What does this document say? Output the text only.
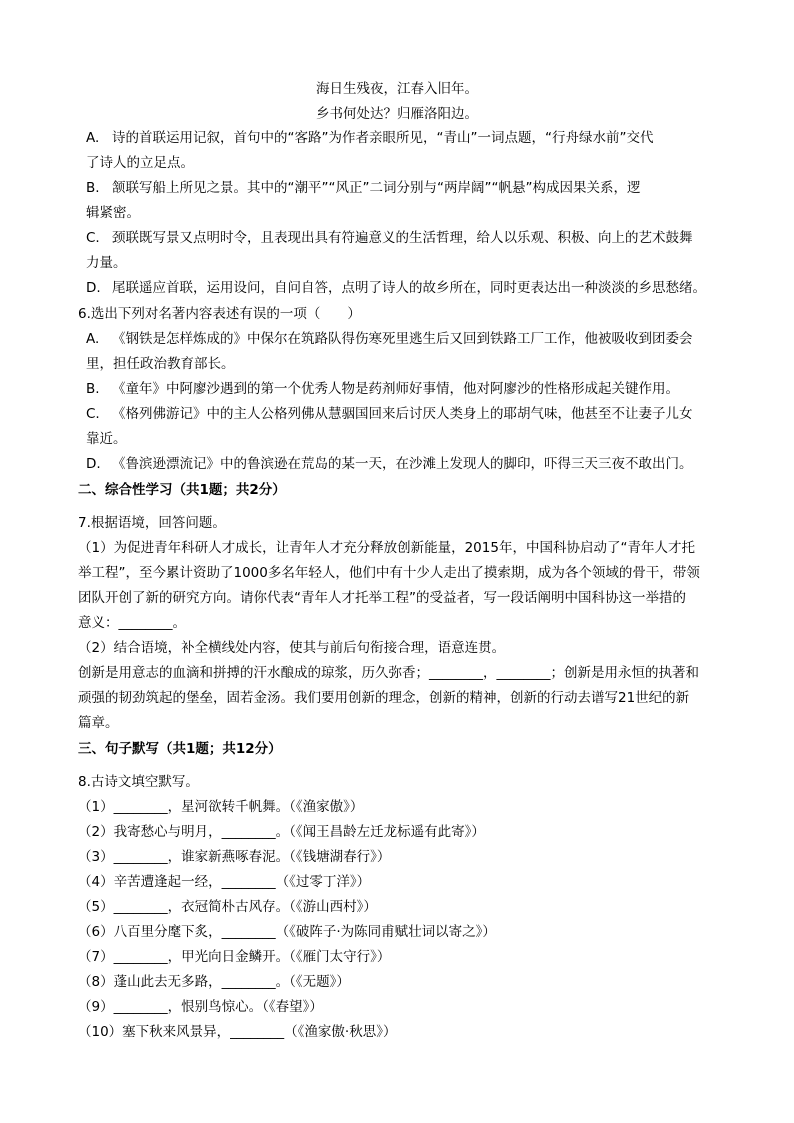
海日生残夜，江春入旧年。
乡书何处达？归雁洛阳边。
A. 诗的首联运用记叙，首句中的“客路”为作者亲眼所见，“青山”一词点题，“行舟绿水前”交代
了诗人的立足点。
B. 颔联写船上所见之景。其中的“潮平”“风正”二词分别与“两岸阔”“帆悬”构成因果关系，逻
辑紧密。
C. 颈联既写景又点明时令，且表现出具有符遍意义的生活哲理，给人以乐观、积极、向上的艺术鼓舞
力量。
D. 尾联遥应首联，运用设问，自问自答，点明了诗人的故乡所在，同时更表达出一种淡淡的乡思愁绪。
6.选出下列对名著内容表述有误的一项（　　）
A. 《钢铁是怎样炼成的》中保尔在筑路队得伤寒死里逃生后又回到铁路工厂工作，他被吸收到团委会
里，担任政治教育部长。
B. 《童年》中阿廖沙遇到的第一个优秀人物是药剂师好事情，他对阿廖沙的性格形成起关键作用。
C. 《格列佛游记》中的主人公格列佛从慧骃国回来后讨厌人类身上的耶胡气味，他甚至不让妻子儿女
靠近。
D. 《鲁滨逊漂流记》中的鲁滨逊在荒岛的某一天，在沙滩上发现人的脚印，吓得三天三夜不敢出门。
二、综合性学习（共1题；共2分）
7.根据语境，回答问题。
（1）为促进青年科研人才成长，让青年人才充分释放创新能量，2015年，中国科协启动了“青年人才托
举工程”，至今累计资助了1000多名年轻人，他们中有十少人走出了摸索期，成为各个领域的骨干，带领
团队开创了新的研究方向。请你代表“青年人才托举工程”的受益者，写一段话阐明中国科协这一举措的
意义：________。
（2）结合语境，补全横线处内容，使其与前后句衔接合理，语意连贯。
创新是用意志的血滴和拼搏的汗水酿成的琼浆，历久弥香；________，________；创新是用永恒的执著和
顽强的韧劲筑起的堡垒，固若金汤。我们要用创新的理念，创新的精神，创新的行动去谱写21世纪的新
篇章。
三、句子默写（共1题；共12分）
8.古诗文填空默写。
（1）________，星河欲转千帆舞。（《渔家傲》）
（2）我寄愁心与明月，________。（《闻王昌龄左迁龙标遥有此寄》）
（3）________，谁家新燕啄春泥。（《钱塘湖春行》）
（4）辛苦遭逢起一经，________（《过零丁洋》）
（5）________，衣冠简朴古风存。（《游山西村》）
（6）八百里分麾下炙，________（《破阵子·为陈同甫赋壮词以寄之》）
（7）________，甲光向日金鳞开。（《雁门太守行》）
（8）蓬山此去无多路，________。（《无题》）
（9）________，恨别鸟惊心。（《春望》）
（10）塞下秋来风景异，________（《渔家傲·秋思》）
